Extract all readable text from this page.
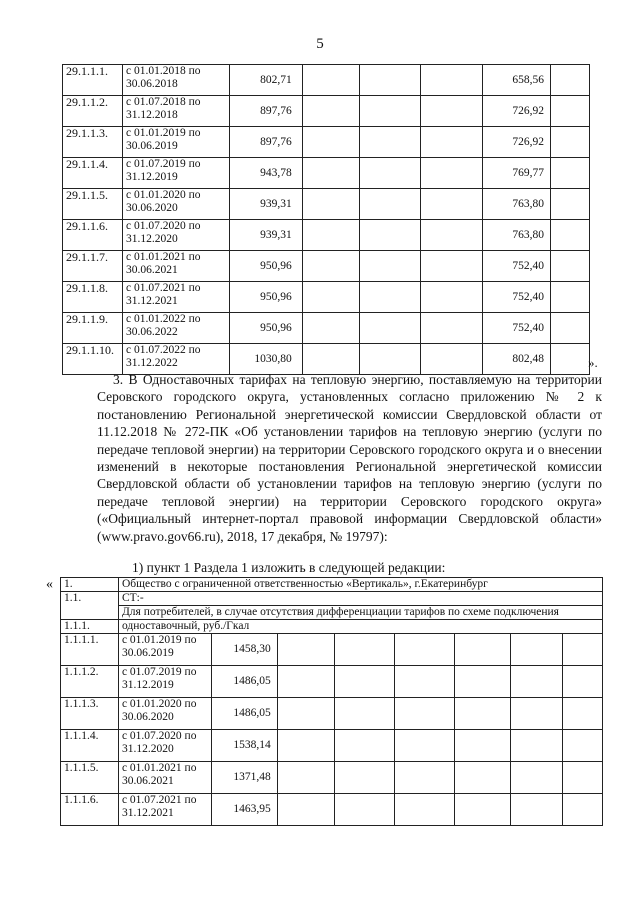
5
29.1.1.1.	с 01.01.2018 по 30.06.2018	802,71				658,56	
29.1.1.2.	с 01.07.2018 по 31.12.2018	897,76				726,92	
29.1.1.3.	с 01.01.2019 по 30.06.2019	897,76				726,92	
29.1.1.4.	с 01.07.2019 по 31.12.2019	943,78				769,77	
29.1.1.5.	с 01.01.2020 по 30.06.2020	939,31				763,80	
29.1.1.6.	с 01.07.2020 по 31.12.2020	939,31				763,80	
29.1.1.7.	с 01.01.2021 по 30.06.2021	950,96				752,40	
29.1.1.8.	с 01.07.2021 по 31.12.2021	950,96				752,40	
29.1.1.9.	с 01.01.2022 по 30.06.2022	950,96				752,40	
29.1.1.10.	с 01.07.2022 по 31.12.2022	1030,80				802,48		».

3. В Одноставочных тарифах на тепловую энергию, поставляемую на территории Серовского городского округа, установленных согласно приложению № 2 к постановлению Региональной энергетической комиссии Свердловской области от 11.12.2018 № 272-ПК «Об установлении тарифов на тепловую энергию (услуги по передаче тепловой энергии) на территории Серовского городского округа и о внесении изменений в некоторые постановления Региональной энергетической комиссии Свердловской области об установлении тарифов на тепловую энергию (услуги по передаче тепловой энергии) на территории Серовского городского округа» («Официальный интернет-портал правовой информации Свердловской области» (www.pravo.gov66.ru), 2018, 17 декабря, № 19797):

1) пункт 1 Раздела 1 изложить в следующей редакции:
« 1.	Общество с ограниченной ответственностью «Вертикаль», г.Екатеринбург							
1.1.	СТ:-							
	Для потребителей, в случае отсутствия дифференциации тарифов по схеме подключения							
1.1.1.	одноставочный, руб./Гкал							
1.1.1.1.	с 01.01.2019 по 30.06.2019	1458,30						
1.1.1.2.	с 01.07.2019 по 31.12.2019	1486,05						
1.1.1.3.	с 01.01.2020 по 30.06.2020	1486,05						
1.1.1.4.	с 01.07.2020 по 31.12.2020	1538,14						
1.1.1.5.	с 01.01.2021 по 30.06.2021	1371,48						
1.1.1.6.	с 01.07.2021 по 31.12.2021	1463,95						
